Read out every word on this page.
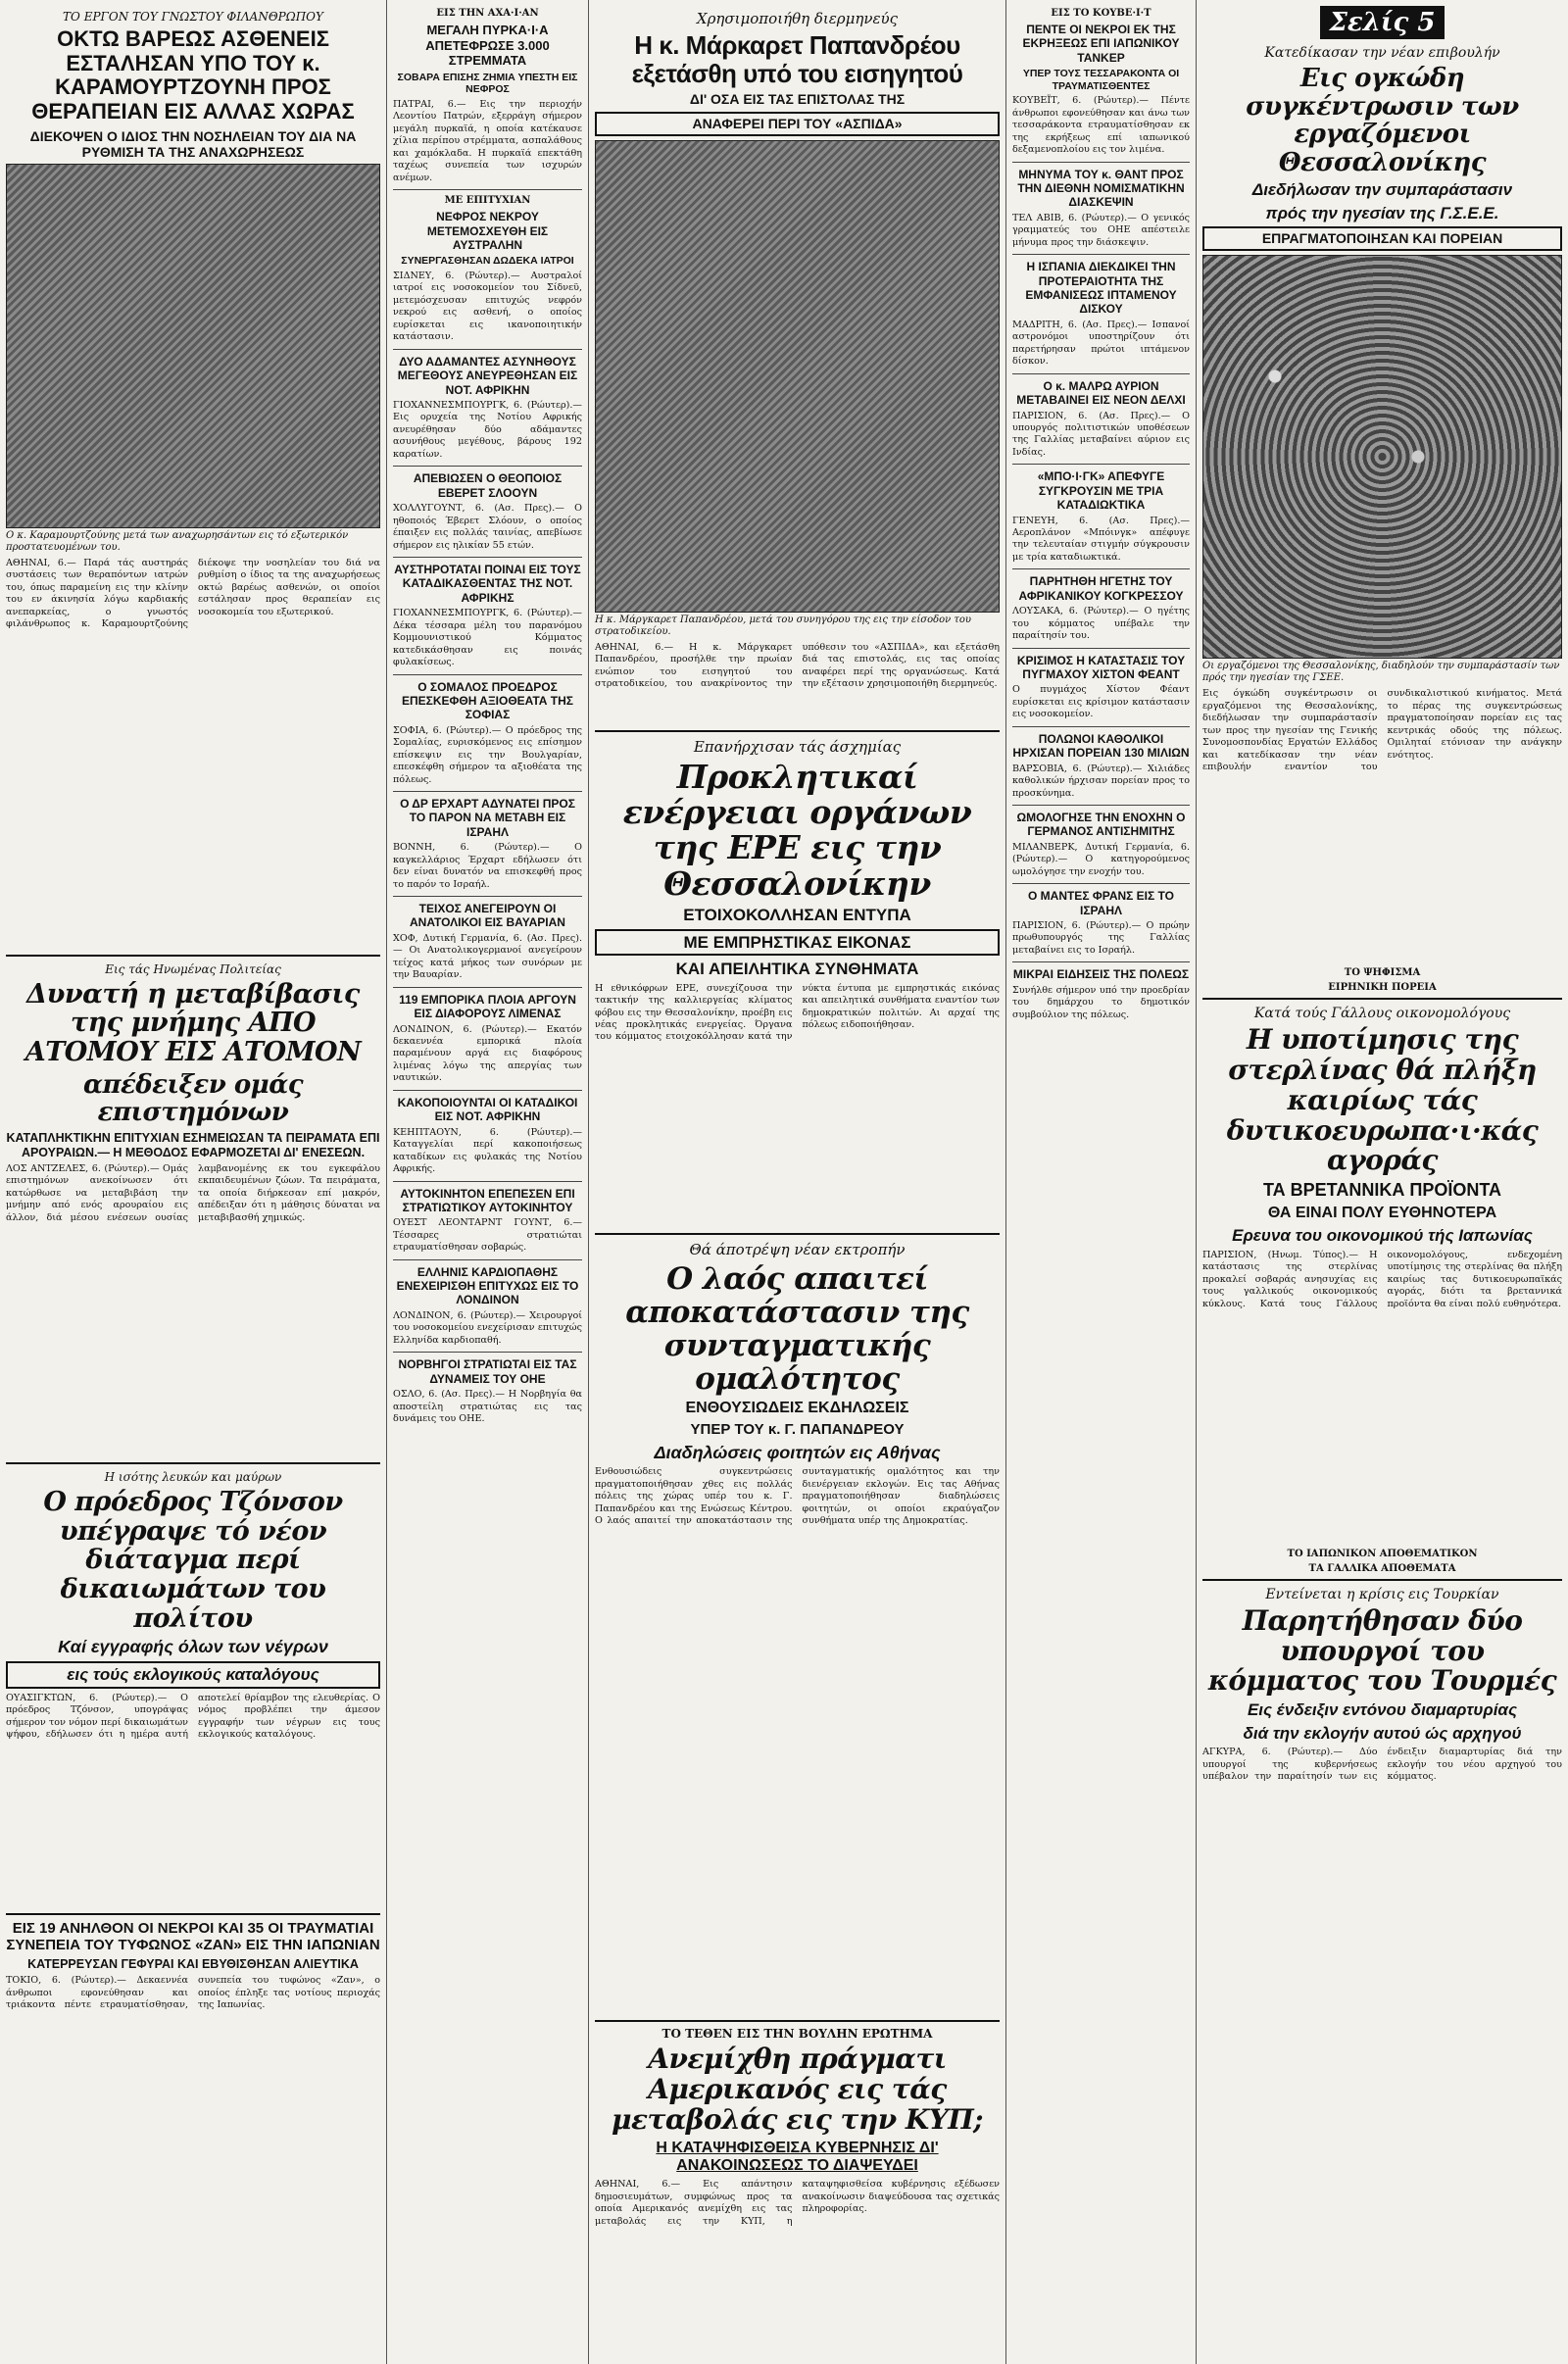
ΤΟ ΕΡΓΟΝ ΤΟΥ ΓΝΩΣΤΟΥ ΦΙΛΑΝΘΡΩΠΟΥ
ΟΚΤΩ ΒΑΡΕΩΣ ΑΣΘΕΝΕΙΣ ΕΣΤΑΛΗΣΑΝ ΥΠΟ ΤΟΥ κ. ΚΑΡΑΜΟΥΡΤΖΟΥΝΗ ΠΡΟΣ ΘΕΡΑΠΕΙΑΝ ΕΙΣ ΑΛΛΑΣ ΧΩΡΑΣ
ΔΙΕΚΟΨΕΝ Ο ΙΔΙΟΣ ΤΗΝ ΝΟΣΗΛΕΙΑΝ ΤΟΥ ΔΙΑ ΝΑ ΡΥΘΜΙΣΗ ΤΑ ΤΗΣ ΑΝΑΧΩΡΗΣΕΩΣ
Ο κ. Καραμουρτζούνης μετά των αναχωρησάντων εις τό εξωτερικόν προστατευομένων του.
ΑΘΗΝΑΙ, 6.— Παρά τάς αυστηράς συστάσεις των θεραπόντων ιατρών του, όπως παραμείνη εις την κλίνην του εν άκινησία λόγω καρδιακής ανεπαρκείας, ο γνωστός φιλάνθρωπος κ. Καραμουρτζούνης διέκοψε την νοσηλείαν του διά να ρυθμίση ο ίδιος τα της αναχωρήσεως οκτώ βαρέως ασθενών, οι οποίοι εστάλησαν προς θεραπείαν εις νοσοκομεία του εξωτερικού.
Εις τάς Ηνωμένας Πολιτείας
Δυνατή η μεταβίβασις της μνήμης ΑΠΟ ΑΤΟΜΟΥ ΕΙΣ ΑΤΟΜΟΝ
απέδειξεν ομάς επιστημόνων
ΚΑΤΑΠΛΗΚΤΙΚΗΝ ΕΠΙΤΥΧΙΑΝ ΕΣΗΜΕΙΩΣΑΝ ΤΑ ΠΕΙΡΑΜΑΤΑ ΕΠΙ ΑΡΟΥΡΑΙΩΝ.— Η ΜΕΘΟΔΟΣ ΕΦΑΡΜΟΖΕΤΑΙ ΔΙ' ΕΝΕΣΕΩΝ.
ΛΟΣ ΑΝΤΖΕΛΕΣ, 6. (Ρώυτερ).— Ομάς επιστημόνων ανεκοίνωσεν ότι κατώρθωσε να μεταβιβάση την μνήμην από ενός αρουραίου εις άλλον, διά μέσου ενέσεων ουσίας λαμβανομένης εκ του εγκεφάλου εκπαιδευμένων ζώων. Τα πειράματα, τα οποία διήρκεσαν επί μακρόν, απέδειξαν ότι η μάθησις δύναται να μεταβιβασθή χημικώς.
Η ισότης λευκών και μαύρων
Ο πρόεδρος Τζόνσον υπέγραψε τό νέον διάταγμα περί δικαιωμάτων του πολίτου
Καί εγγραφής όλων των νέγρων
εις τούς εκλογικούς καταλόγους
ΟΥΑΣΙΓΚΤΩΝ, 6. (Ρώυτερ).— Ο πρόεδρος Τζόνσον, υπογράψας σήμερον τον νόμον περί δικαιωμάτων ψήφου, εδήλωσεν ότι η ημέρα αυτή αποτελεί θρίαμβον της ελευθερίας. Ο νόμος προβλέπει την άμεσον εγγραφήν των νέγρων εις τους εκλογικούς καταλόγους.
ΕΙΣ 19 ΑΝΗΛΘΟΝ ΟΙ ΝΕΚΡΟΙ ΚΑΙ 35 ΟΙ ΤΡΑΥΜΑΤΙΑΙ ΣΥΝΕΠΕΙΑ ΤΟΥ ΤΥΦΩΝΟΣ «ΖΑΝ» ΕΙΣ ΤΗΝ ΙΑΠΩΝΙΑΝ
ΚΑΤΕΡΡΕΥΣΑΝ ΓΕΦΥΡΑΙ ΚΑΙ ΕΒΥΘΙΣΘΗΣΑΝ ΑΛΙΕΥΤΙΚΑ
ΤΟΚΙΟ, 6. (Ρώυτερ).— Δεκαεννέα άνθρωποι εφονεύθησαν και τριάκοντα πέντε ετραυματίσθησαν, συνεπεία του τυφώνος «Ζαν», ο οποίος έπληξε τας νοτίους περιοχάς της Ιαπωνίας.
ΕΙΣ ΤΗΝ ΑΧΑ·Ι·ΑΝ
ΜΕΓΑΛΗ ΠΥΡΚΑ·Ι·Α ΑΠΕΤΕΦΡΩΣΕ 3.000 ΣΤΡΕΜΜΑΤΑ
ΣΟΒΑΡΑ ΕΠΙΣΗΣ ΖΗΜΙΑ ΥΠΕΣΤΗ ΕΙΣ ΝΕΦΡΟΣ
ΠΑΤΡΑΙ, 6.— Εις την περιοχήν Λεοντίου Πατρών, εξερράγη σήμερον μεγάλη πυρκαϊά, η οποία κατέκαυσε χίλια περίπου στρέμματα, ασπαλάθους και χαμόκλαδα. Η πυρκαϊά επεκτάθη ταχέως συνεπεία των ισχυρών ανέμων.
ΜΕ ΕΠΙΤΥΧΙΑΝ
ΝΕΦΡΟΣ ΝΕΚΡΟΥ ΜΕΤΕΜΟΣΧΕΥΘΗ ΕΙΣ ΑΥΣΤΡΑΛΗΝ
ΣΥΝΕΡΓΑΣΘΗΣΑΝ ΔΩΔΕΚΑ ΙΑΤΡΟΙ
ΣΙΔΝΕΥ, 6. (Ρώυτερ).— Αυστραλοί ιατροί εις νοσοκομείον του Σίδνεϋ, μετεμόσχευσαν επιτυχώς νεφρόν νεκρού εις ασθενή, ο οποίος ευρίσκεται εις ικανοποιητικήν κατάστασιν.
ΔΥΟ ΑΔΑΜΑΝΤΕΣ ΑΣΥΝΗΘΟΥΣ ΜΕΓΕΘΟΥΣ ΑΝΕΥΡΕΘΗΣΑΝ ΕΙΣ ΝΟΤ. ΑΦΡΙΚΗΝ
ΓΙΟΧΑΝΝΕΣΜΠΟΥΡΓΚ, 6. (Ρώυτερ).— Εις ορυχεία της Νοτίου Αφρικής ανευρέθησαν δύο αδάμαντες ασυνήθους μεγέθους, βάρους 192 καρατίων.
ΑΠΕΒΙΩΣΕΝ Ο ΘΕΟΠΟΙΟΣ ΕΒΕΡΕΤ ΣΛΟΟΥΝ
ΧΟΛΛΥΓΟΥΝΤ, 6. (Ασ. Πρες).— Ο ηθοποιός Έβερετ Σλόουν, ο οποίος έπαιξεν εις πολλάς ταινίας, απεβίωσε σήμερον εις ηλικίαν 55 ετών.
ΑΥΣΤΗΡΟΤΑΤΑΙ ΠΟΙΝΑΙ ΕΙΣ ΤΟΥΣ ΚΑΤΑΔΙΚΑΣΘΕΝΤΑΣ ΤΗΣ ΝΟΤ. ΑΦΡΙΚΗΣ
ΓΙΟΧΑΝΝΕΣΜΠΟΥΡΓΚ, 6. (Ρώυτερ).— Δέκα τέσσαρα μέλη του παρανόμου Κομμουνιστικού Κόμματος κατεδικάσθησαν εις ποινάς φυλακίσεως.
Ο ΣΟΜΑΛΟΣ ΠΡΟΕΔΡΟΣ ΕΠΕΣΚΕΦΘΗ ΑΞΙΟΘΕΑΤΑ ΤΗΣ ΣΟΦΙΑΣ
ΣΟΦΙΑ, 6. (Ρώυτερ).— Ο πρόεδρος της Σομαλίας, ευρισκόμενος εις επίσημον επίσκεψιν εις την Βουλγαρίαν, επεσκέφθη σήμερον τα αξιοθέατα της πόλεως.
Ο ΔΡ ΕΡΧΑΡΤ ΑΔΥΝΑΤΕΙ ΠΡΟΣ ΤΟ ΠΑΡΟΝ ΝΑ ΜΕΤΑΒΗ ΕΙΣ ΙΣΡΑΗΛ
ΒΟΝΝΗ, 6. (Ρώυτερ).— Ο καγκελλάριος Έρχαρτ εδήλωσεν ότι δεν είναι δυνατόν να επισκεφθή προς το παρόν το Ισραήλ.
ΤΕΙΧΟΣ ΑΝΕΓΕΙΡΟΥΝ ΟΙ ΑΝΑΤΟΛΙΚΟΙ ΕΙΣ ΒΑΥΑΡΙΑΝ
ΧΟΦ, Δυτική Γερμανία, 6. (Ασ. Πρες).— Οι Ανατολικογερμανοί ανεγείρουν τείχος κατά μήκος των συνόρων με την Βαυαρίαν.
119 ΕΜΠΟΡΙΚΑ ΠΛΟΙΑ ΑΡΓΟΥΝ ΕΙΣ ΔΙΑΦΟΡΟΥΣ ΛΙΜΕΝΑΣ
ΛΟΝΔΙΝΟΝ, 6. (Ρώυτερ).— Εκατόν δεκαεννέα εμπορικά πλοία παραμένουν αργά εις διαφόρους λιμένας λόγω της απεργίας των ναυτικών.
ΚΑΚΟΠΟΙΟΥΝΤΑΙ ΟΙ ΚΑΤΑΔΙΚΟΙ ΕΙΣ ΝΟΤ. ΑΦΡΙΚΗΝ
ΚΕΗΠΤΑΟΥΝ, 6. (Ρώυτερ).— Καταγγελίαι περί κακοποιήσεως καταδίκων εις φυλακάς της Νοτίου Αφρικής.
ΑΥΤΟΚΙΝΗΤΟΝ ΕΠΕΠΕΣΕΝ ΕΠΙ ΣΤΡΑΤΙΩΤΙΚΟΥ ΑΥΤΟΚΙΝΗΤΟΥ
ΟΥΕΣΤ ΛΕΟΝΤΑΡΝΤ ΓΟΥΝΤ, 6.— Τέσσαρες στρατιώται ετραυματίσθησαν σοβαρώς.
ΕΛΛΗΝΙΣ ΚΑΡΔΙΟΠΑΘΗΣ ΕΝΕΧΕΙΡΙΣΘΗ ΕΠΙΤΥΧΩΣ ΕΙΣ ΤΟ ΛΟΝΔΙΝΟΝ
ΛΟΝΔΙΝΟΝ, 6. (Ρώυτερ).— Χειρουργοί του νοσοκομείου ενεχείρισαν επιτυχώς Ελληνίδα καρδιοπαθή.
ΝΟΡΒΗΓΟΙ ΣΤΡΑΤΙΩΤΑΙ ΕΙΣ ΤΑΣ ΔΥΝΑΜΕΙΣ ΤΟΥ ΟΗΕ
ΟΣΛΟ, 6. (Ασ. Πρες).— Η Νορβηγία θα αποστείλη στρατιώτας εις τας δυνάμεις του ΟΗΕ.
Χρησιμοποιήθη διερμηνεύς
Η κ. Μάρκαρετ Παπανδρέου εξετάσθη υπό του εισηγητού
ΔΙ' ΟΣΑ ΕΙΣ ΤΑΣ ΕΠΙΣΤΟΛΑΣ ΤΗΣ
ΑΝΑΦΕΡΕΙ ΠΕΡΙ ΤΟΥ «ΑΣΠΙΔΑ»
Η κ. Μάργκαρετ Παπανδρέου, μετά του συνηγόρου της εις την είσοδον του στρατοδικείου.
ΑΘΗΝΑΙ, 6.— Η κ. Μάργκαρετ Παπανδρέου, προσήλθε την πρωίαν ενώπιον του εισηγητού του στρατοδικείου, του ανακρίνοντος την υπόθεσιν του «ΑΣΠΙΔΑ», και εξετάσθη διά τας επιστολάς, εις τας οποίας αναφέρει περί της οργανώσεως. Κατά την εξέτασιν χρησιμοποιήθη διερμηνεύς.
Επανήρχισαν τάς άσχημίας
Προκλητικαί ενέργειαι οργάνων της ΕΡΕ εις την Θεσσαλονίκην
ΕΤΟΙΧΟΚΟΛΛΗΣΑΝ ΕΝΤΥΠΑ
ΜΕ ΕΜΠΡΗΣΤΙΚΑΣ ΕΙΚΟΝΑΣ
ΚΑΙ ΑΠΕΙΛΗΤΙΚΑ ΣΥΝΘΗΜΑΤΑ
Η εθνικόφρων ΕΡΕ, συνεχίζουσα την τακτικήν της καλλιεργείας κλίματος φόβου εις την Θεσσαλονίκην, προέβη εις νέας προκλητικάς ενεργείας. Όργανα του κόμματος ετοιχοκόλλησαν κατά την νύκτα έντυπα με εμπρηστικάς εικόνας και απειλητικά συνθήματα εναντίον των δημοκρατικών πολιτών. Αι αρχαί της πόλεως ειδοποιήθησαν.
Θά άποτρέψη νέαν εκτροπήν
Ο λαός απαιτεί αποκατάστασιν της συνταγματικής ομαλότητος
ΕΝΘΟΥΣΙΩΔΕΙΣ ΕΚΔΗΛΩΣΕΙΣ
ΥΠΕΡ ΤΟΥ κ. Γ. ΠΑΠΑΝΔΡΕΟΥ
Διαδηλώσεις φοιτητών εις Αθήνας
Ενθουσιώδεις συγκεντρώσεις πραγματοποιήθησαν χθες εις πολλάς πόλεις της χώρας υπέρ του κ. Γ. Παπανδρέου και της Ενώσεως Κέντρου. Ο λαός απαιτεί την αποκατάστασιν της συνταγματικής ομαλότητος και την διενέργειαν εκλογών. Εις τας Αθήνας πραγματοποιήθησαν διαδηλώσεις φοιτητών, οι οποίοι εκραύγαζον συνθήματα υπέρ της Δημοκρατίας.
ΤΟ ΤΕΘΕΝ ΕΙΣ ΤΗΝ ΒΟΥΛΗΝ ΕΡΩΤΗΜΑ
Ανεμίχθη πράγματι Αμερικανός εις τάς μεταβολάς εις την ΚΥΠ;
Η ΚΑΤΑΨΗΦΙΣΘΕΙΣΑ ΚΥΒΕΡΝΗΣΙΣ ΔΙ' ΑΝΑΚΟΙΝΩΣΕΩΣ ΤΟ ΔΙΑΨΕΥΔΕΙ
ΑΘΗΝΑΙ, 6.— Εις απάντησιν δημοσιευμάτων, συμφώνως προς τα οποία Αμερικανός ανεμίχθη εις τας μεταβολάς εις την ΚΥΠ, η καταψηφισθείσα κυβέρνησις εξέδωσεν ανακοίνωσιν διαψεύδουσα τας σχετικάς πληροφορίας.
ΕΙΣ ΤΟ ΚΟΥΒΕ·Ι·Τ
ΠΕΝΤΕ ΟΙ ΝΕΚΡΟΙ ΕΚ ΤΗΣ ΕΚΡΗΞΕΩΣ ΕΠΙ ΙΑΠΩΝΙΚΟΥ ΤΑΝΚΕΡ
ΥΠΕΡ ΤΟΥΣ ΤΕΣΣΑΡΑΚΟΝΤΑ ΟΙ ΤΡΑΥΜΑΤΙΣΘΕΝΤΕΣ
ΚΟΥΒΕΪΤ, 6. (Ρώυτερ).— Πέντε άνθρωποι εφονεύθησαν και άνω των τεσσαράκοντα ετραυματίσθησαν εκ της εκρήξεως επί ιαπωνικού δεξαμενοπλοίου εις τον λιμένα.
ΜΗΝΥΜΑ ΤΟΥ κ. ΘΑΝΤ ΠΡΟΣ ΤΗΝ ΔΙΕΘΝΗ ΝΟΜΙΣΜΑΤΙΚΗΝ ΔΙΑΣΚΕΨΙΝ
ΤΕΛ ΑΒΙΒ, 6. (Ρώυτερ).— Ο γενικός γραμματεύς του ΟΗΕ απέστειλε μήνυμα προς την διάσκεψιν.
Η ΙΣΠΑΝΙΑ ΔΙΕΚΔΙΚΕΙ ΤΗΝ ΠΡΟΤΕΡΑΙΟΤΗΤΑ ΤΗΣ ΕΜΦΑΝΙΣΕΩΣ ΙΠΤΑΜΕΝΟΥ ΔΙΣΚΟΥ
ΜΑΔΡΙΤΗ, 6. (Ασ. Πρες).— Ισπανοί αστρονόμοι υποστηρίζουν ότι παρετήρησαν πρώτοι ιπτάμενον δίσκον.
Ο κ. ΜΑΛΡΩ ΑΥΡΙΟΝ ΜΕΤΑΒΑΙΝΕΙ ΕΙΣ ΝΕΟΝ ΔΕΛΧΙ
ΠΑΡΙΣΙΟΝ, 6. (Ασ. Πρες).— Ο υπουργός πολιτιστικών υποθέσεων της Γαλλίας μεταβαίνει αύριον εις Ινδίας.
«ΜΠΟ·Ι·ΓΚ» ΑΠΕΦΥΓΕ ΣΥΓΚΡΟΥΣΙΝ ΜΕ ΤΡΙΑ ΚΑΤΑΔΙΩΚΤΙΚΑ
ΓΕΝΕΥΗ, 6. (Ασ. Πρες).— Αεροπλάνον «Μπόινγκ» απέφυγε την τελευταίαν στιγμήν σύγκρουσιν με τρία καταδιωκτικά.
ΠΑΡΗΤΗΘΗ ΗΓΕΤΗΣ ΤΟΥ ΑΦΡΙΚΑΝΙΚΟΥ ΚΟΓΚΡΕΣΣΟΥ
ΛΟΥΣΑΚΑ, 6. (Ρώυτερ).— Ο ηγέτης του κόμματος υπέβαλε την παραίτησίν του.
ΚΡΙΣΙΜΟΣ Η ΚΑΤΑΣΤΑΣΙΣ ΤΟΥ ΠΥΓΜΑΧΟΥ ΧΙΣΤΟΝ ΦΕΑΝΤ
Ο πυγμάχος Χίστον Φέαντ ευρίσκεται εις κρίσιμον κατάστασιν εις νοσοκομείον.
ΠΟΛΩΝΟΙ ΚΑΘΟΛΙΚΟΙ ΗΡΧΙΣΑΝ ΠΟΡΕΙΑΝ 130 ΜΙΛΙΩΝ
ΒΑΡΣΟΒΙΑ, 6. (Ρώυτερ).— Χιλιάδες καθολικών ήρχισαν πορείαν προς το προσκύνημα.
ΩΜΟΛΟΓΗΣΕ ΤΗΝ ΕΝΟΧΗΝ Ο ΓΕΡΜΑΝΟΣ ΑΝΤΙΣΗΜΙΤΗΣ
ΜΙΛΑΝΒΕΡΚ, Δυτική Γερμανία, 6. (Ρώυτερ).— Ο κατηγορούμενος ωμολόγησε την ενοχήν του.
Ο ΜΑΝΤΕΣ ΦΡΑΝΣ ΕΙΣ ΤΟ ΙΣΡΑΗΛ
ΠΑΡΙΣΙΟΝ, 6. (Ρώυτερ).— Ο πρώην πρωθυπουργός της Γαλλίας μεταβαίνει εις το Ισραήλ.
ΜΙΚΡΑΙ ΕΙΔΗΣΕΙΣ ΤΗΣ ΠΟΛΕΩΣ
Συνήλθε σήμερον υπό την προεδρίαν του δημάρχου το δημοτικόν συμβούλιον της πόλεως.
Σελίς 5
Κατεδίκασαν την νέαν επιβουλήν
Εις ογκώδη συγκέντρωσιν των εργαζόμενοι Θεσσαλονίκης
Διεδήλωσαν την συμπαράστασιν
πρός την ηγεσίαν της Γ.Σ.Ε.Ε.
ΕΠΡΑΓΜΑΤΟΠΟΙΗΣΑΝ ΚΑΙ ΠΟΡΕΙΑΝ
Οι εργαζόμενοι της Θεσσαλονίκης, διαδηλούν την συμπαράστασίν των πρός την ηγεσίαν της ΓΣΕΕ.
Εις όγκώδη συγκέντρωσιν οι εργαζόμενοι της Θεσσαλονίκης, διεδήλωσαν την συμπαράστασίν των προς την ηγεσίαν της Γενικής Συνομοσπονδίας Εργατών Ελλάδος και κατεδίκασαν την νέαν επιβουλήν εναντίον του συνδικαλιστικού κινήματος. Μετά το πέρας της συγκεντρώσεως πραγματοποίησαν πορείαν εις τας κεντρικάς οδούς της πόλεως. Ομιληταί ετόνισαν την ανάγκην ενότητος.
ΤΟ ΨΗΦΙΣΜΑ
ΕΙΡΗΝΙΚΗ ΠΟΡΕΙΑ
Κατά τούς Γάλλους οικονομολόγους
Η υποτίμησις της στερλίνας θά πλήξη καιρίως τάς δυτικοευρωπα·ι·κάς αγοράς
ΤΑ ΒΡΕΤΑΝΝΙΚΑ ΠΡΟΪΟΝΤΑ
ΘΑ ΕΙΝΑΙ ΠΟΛΥ ΕΥΘΗΝΟΤΕΡΑ
Ερευνα του οικονομικού τής Ιαπωνίας
ΠΑΡΙΣΙΟΝ, (Ηνωμ. Τύπος).— Η κατάστασις της στερλίνας προκαλεί σοβαράς ανησυχίας εις τους γαλλικούς οικονομικούς κύκλους. Κατά τους Γάλλους οικονομολόγους, ενδεχομένη υποτίμησις της στερλίνας θα πλήξη καιρίως τας δυτικοευρωπαϊκάς αγοράς, διότι τα βρεταννικά προϊόντα θα είναι πολύ ευθηνότερα.
ΤΟ ΙΑΠΩΝΙΚΟΝ ΑΠΟΘΕΜΑΤΙΚΟΝ
ΤΑ ΓΑΛΛΙΚΑ ΑΠΟΘΕΜΑΤΑ
Εντείνεται η κρίσις εις Τουρκίαν
Παρητήθησαν δύο υπουργοί του κόμματος του Τουρμές
Εις ένδειξιν εντόνου διαμαρτυρίας
διά την εκλογήν αυτού ώς αρχηγού
ΑΓΚΥΡΑ, 6. (Ρώυτερ).— Δύο υπουργοί της κυβερνήσεως υπέβαλον την παραίτησίν των εις ένδειξιν διαμαρτυρίας διά την εκλογήν του νέου αρχηγού του κόμματος.
